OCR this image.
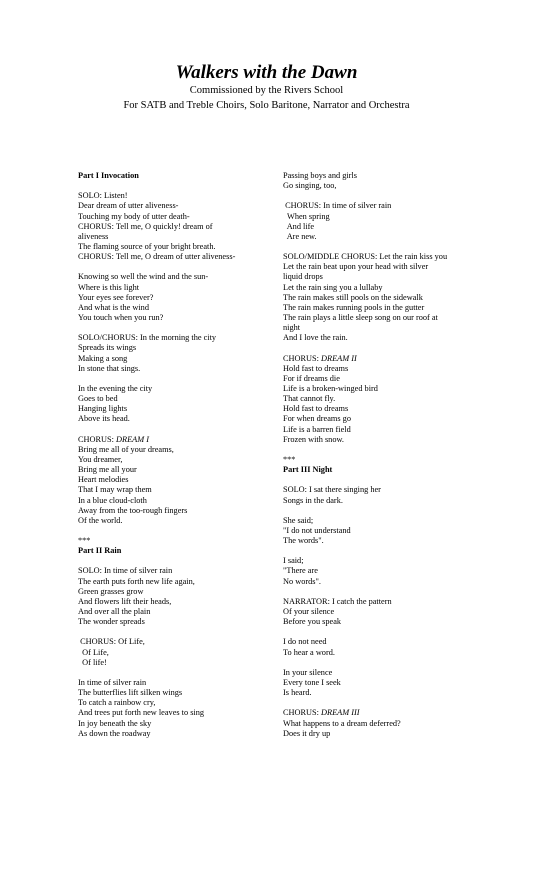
Walkers with the Dawn
Commissioned by the Rivers School
For SATB and Treble Choirs, Solo Baritone, Narrator and Orchestra
Part I Invocation
SOLO: Listen!
Dear dream of utter aliveness-
Touching my body of utter death-
CHORUS: Tell me, O quickly! dream of
aliveness
The flaming source of your bright breath.
CHORUS: Tell me, O dream of utter aliveness-
Knowing so well the wind and the sun-
Where is this light
Your eyes see forever?
And what is the wind
You touch when you run?
SOLO/CHORUS: In the morning the city
Spreads its wings
Making a song
In stone that sings.
In the evening the city
Goes to bed
Hanging lights
Above its head.
CHORUS: DREAM I
Bring me all of your dreams,
You dreamer,
Bring me all your
Heart melodies
That I may wrap them
In a blue cloud-cloth
Away from the too-rough fingers
Of the world.
***
Part II Rain
SOLO: In time of silver rain
The earth puts forth new life again,
Green grasses grow
And flowers lift their heads,
And over all the plain
The wonder spreads
CHORUS: Of Life,
Of Life,
Of life!
In time of silver rain
The butterflies lift silken wings
To catch a rainbow cry,
And trees put forth new leaves to sing
In joy beneath the sky
As down the roadway
Passing boys and girls
Go singing, too,
CHORUS: In time of silver rain
When spring
And life
Are new.
SOLO/MIDDLE CHORUS: Let the rain kiss you
Let the rain beat upon your head with silver
liquid drops
Let the rain sing you a lullaby
The rain makes still pools on the sidewalk
The rain makes running pools in the gutter
The rain plays a little sleep song on our roof at
night
And I love the rain.
CHORUS: DREAM II
Hold fast to dreams
For if dreams die
Life is a broken-winged bird
That cannot fly.
Hold fast to dreams
For when dreams go
Life is a barren field
Frozen with snow.
***
Part III Night
SOLO: I sat there singing her
Songs in the dark.
She said;
"I do not understand
The words".
I said;
"There are
No words".
NARRATOR: I catch the pattern
Of your silence
Before you speak
I do not need
To hear a word.
In your silence
Every tone I seek
Is heard.
CHORUS: DREAM III
What happens to a dream deferred?
Does it dry up
